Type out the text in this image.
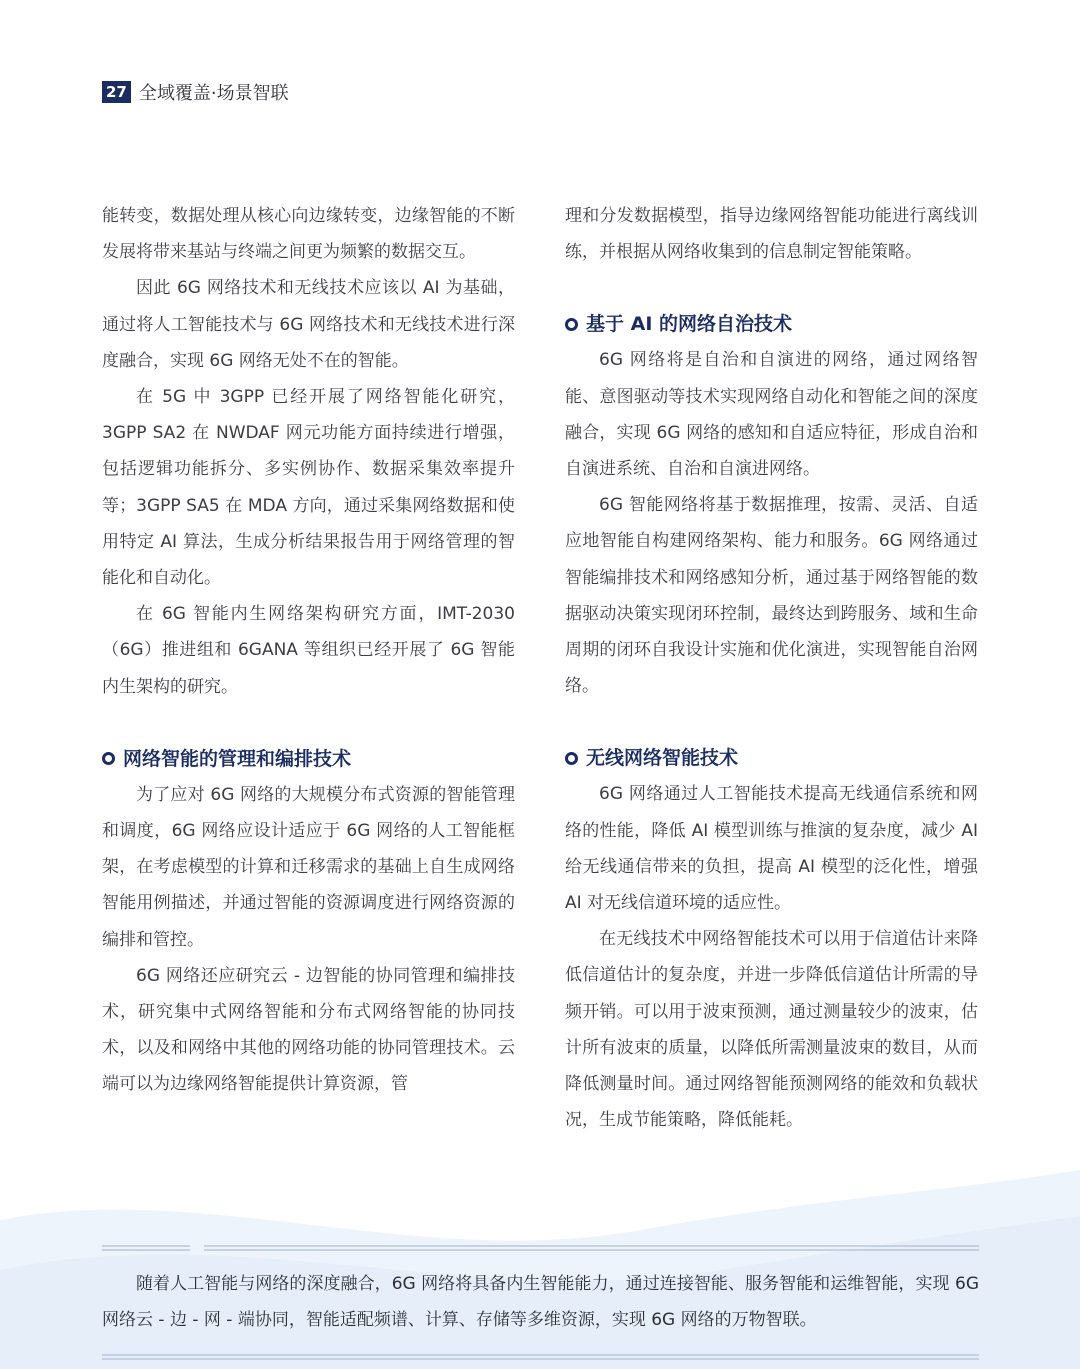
27 全域覆盖·场景智联

能转变，数据处理从核心向边缘转变，边缘智能的不断发展将带来基站与终端之间更为频繁的数据交互。

因此 6G 网络技术和无线技术应该以 AI 为基础，通过将人工智能技术与 6G 网络技术和无线技术进行深度融合，实现 6G 网络无处不在的智能。

在 5G 中 3GPP 已经开展了网络智能化研究，3GPP SA2 在 NWDAF 网元功能方面持续进行增强，包括逻辑功能拆分、多实例协作、数据采集效率提升等；3GPP SA5 在 MDA 方向，通过采集网络数据和使用特定 AI 算法，生成分析结果报告用于网络管理的智能化和自动化。

在 6G 智能内生网络架构研究方面，IMT-2030（6G）推进组和 6GANA 等组织已经开展了 6G 智能内生架构的研究。

网络智能的管理和编排技术

为了应对 6G 网络的大规模分布式资源的智能管理和调度，6G 网络应设计适应于 6G 网络的人工智能框架，在考虑模型的计算和迁移需求的基础上自生成网络智能用例描述，并通过智能的资源调度进行网络资源的编排和管控。

6G 网络还应研究云 - 边智能的协同管理和编排技术，研究集中式网络智能和分布式网络智能的协同技术，以及和网络中其他的网络功能的协同管理技术。云端可以为边缘网络智能提供计算资源，管

理和分发数据模型，指导边缘网络智能功能进行离线训练，并根据从网络收集到的信息制定智能策略。

基于 AI 的网络自治技术

6G 网络将是自治和自演进的网络，通过网络智能、意图驱动等技术实现网络自动化和智能之间的深度融合，实现 6G 网络的感知和自适应特征，形成自治和自演进系统、自治和自演进网络。

6G 智能网络将基于数据推理，按需、灵活、自适应地智能自构建网络架构、能力和服务。6G 网络通过智能编排技术和网络感知分析，通过基于网络智能的数据驱动决策实现闭环控制，最终达到跨服务、域和生命周期的闭环自我设计实施和优化演进，实现智能自治网络。

无线网络智能技术

6G 网络通过人工智能技术提高无线通信系统和网络的性能，降低 AI 模型训练与推演的复杂度，减少 AI 给无线通信带来的负担，提高 AI 模型的泛化性，增强 AI 对无线信道环境的适应性。

在无线技术中网络智能技术可以用于信道估计来降低信道估计的复杂度，并进一步降低信道估计所需的导频开销。可以用于波束预测，通过测量较少的波束，估计所有波束的质量，以降低所需测量波束的数目，从而降低测量时间。通过网络智能预测网络的能效和负载状况，生成节能策略，降低能耗。

随着人工智能与网络的深度融合，6G 网络将具备内生智能能力，通过连接智能、服务智能和运维智能，实现 6G 网络云 - 边 - 网 - 端协同，智能适配频谱、计算、存储等多维资源，实现 6G 网络的万物智联。
